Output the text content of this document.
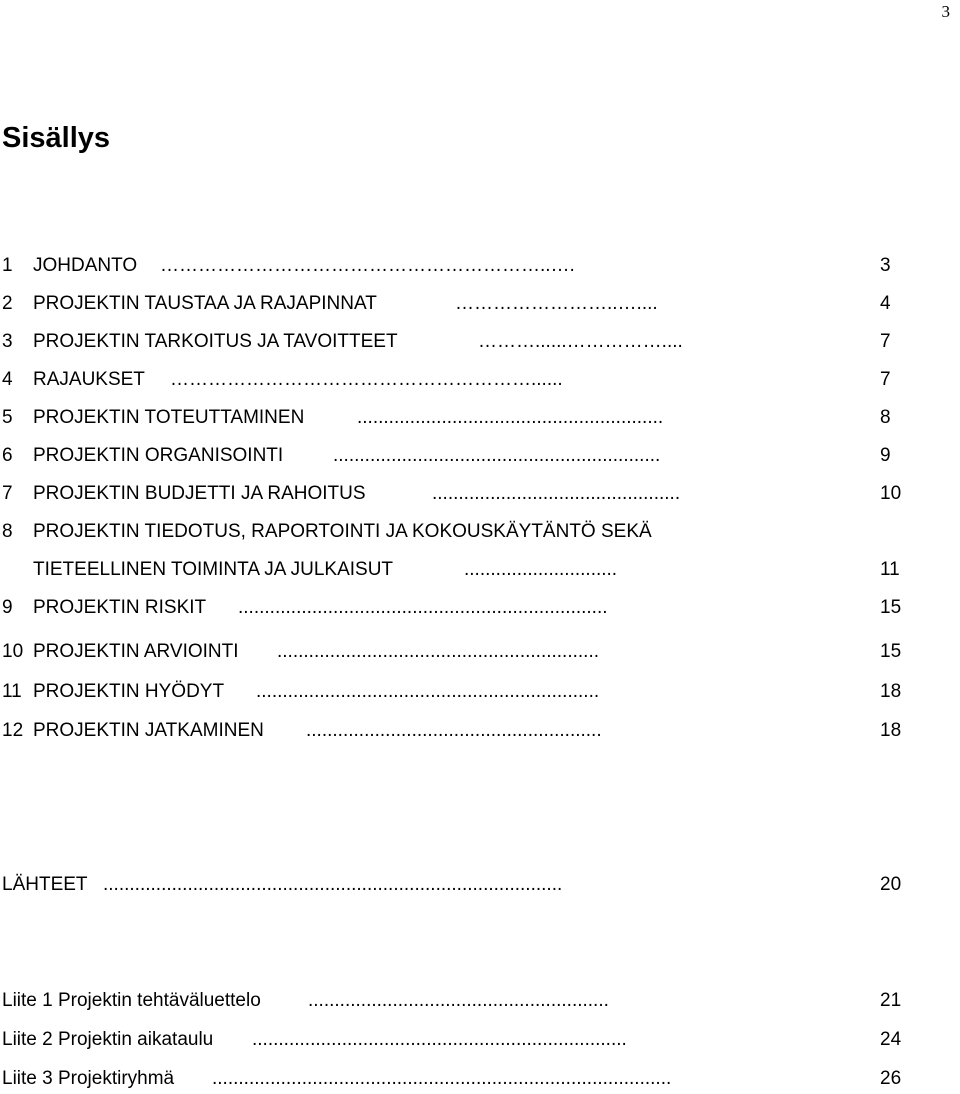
3
Sisällys
1 JOHDANTO ……………………………………………………..….	3
2 PROJEKTIN TAUSTAA JA RAJAPINNAT	……………………..…....	4
3 PROJEKTIN TARKOITUS JA TAVOITTEET	………......……………....	7
4 RAJAUKSET …………………………………………………......	7
5 PROJEKTIN TOTEUTTAMINEN	..........................................................	8
6 PROJEKTIN ORGANISOINTI	..............................................................	9
7 PROJEKTIN BUDJETTI JA RAHOITUS	...............................................	10
8 PROJEKTIN TIEDOTUS, RAPORTOINTI JA KOKOUSKÄYTÄNTÖ SEKÄ
TIETEELLINEN TOIMINTA JA JULKAISUT	.............................	11
9 PROJEKTIN RISKIT ......................................................................	15
10 PROJEKTIN ARVIOINTI .............................................................	15
11 PROJEKTIN HYÖDYT .................................................................	18
12 PROJEKTIN JATKAMINEN ........................................................	18
LÄHTEET .......................................................................................	20
Liite 1 Projektin tehtäväluettelo .........................................................	21
Liite 2 Projektin aikataulu .......................................................................	24
Liite 3 Projektiryhmä .......................................................................................	26
